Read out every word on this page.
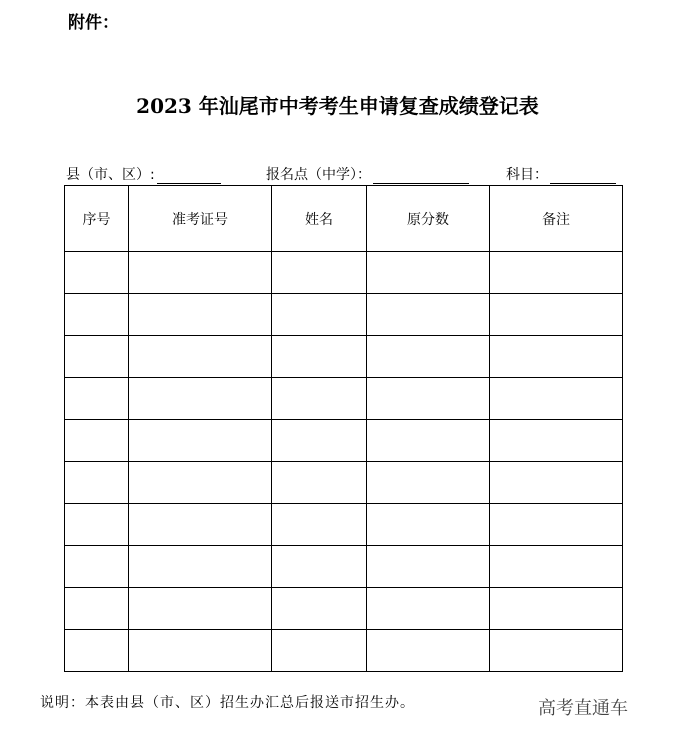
附件：
2023 年汕尾市中考考生申请复查成绩登记表
县（市、区）:	报名点（中学）：	科目：
序号	准考证号	姓名	原分数	备注

说明：本表由县（市、区）招生办汇总后报送市招生办。	高考直通车
